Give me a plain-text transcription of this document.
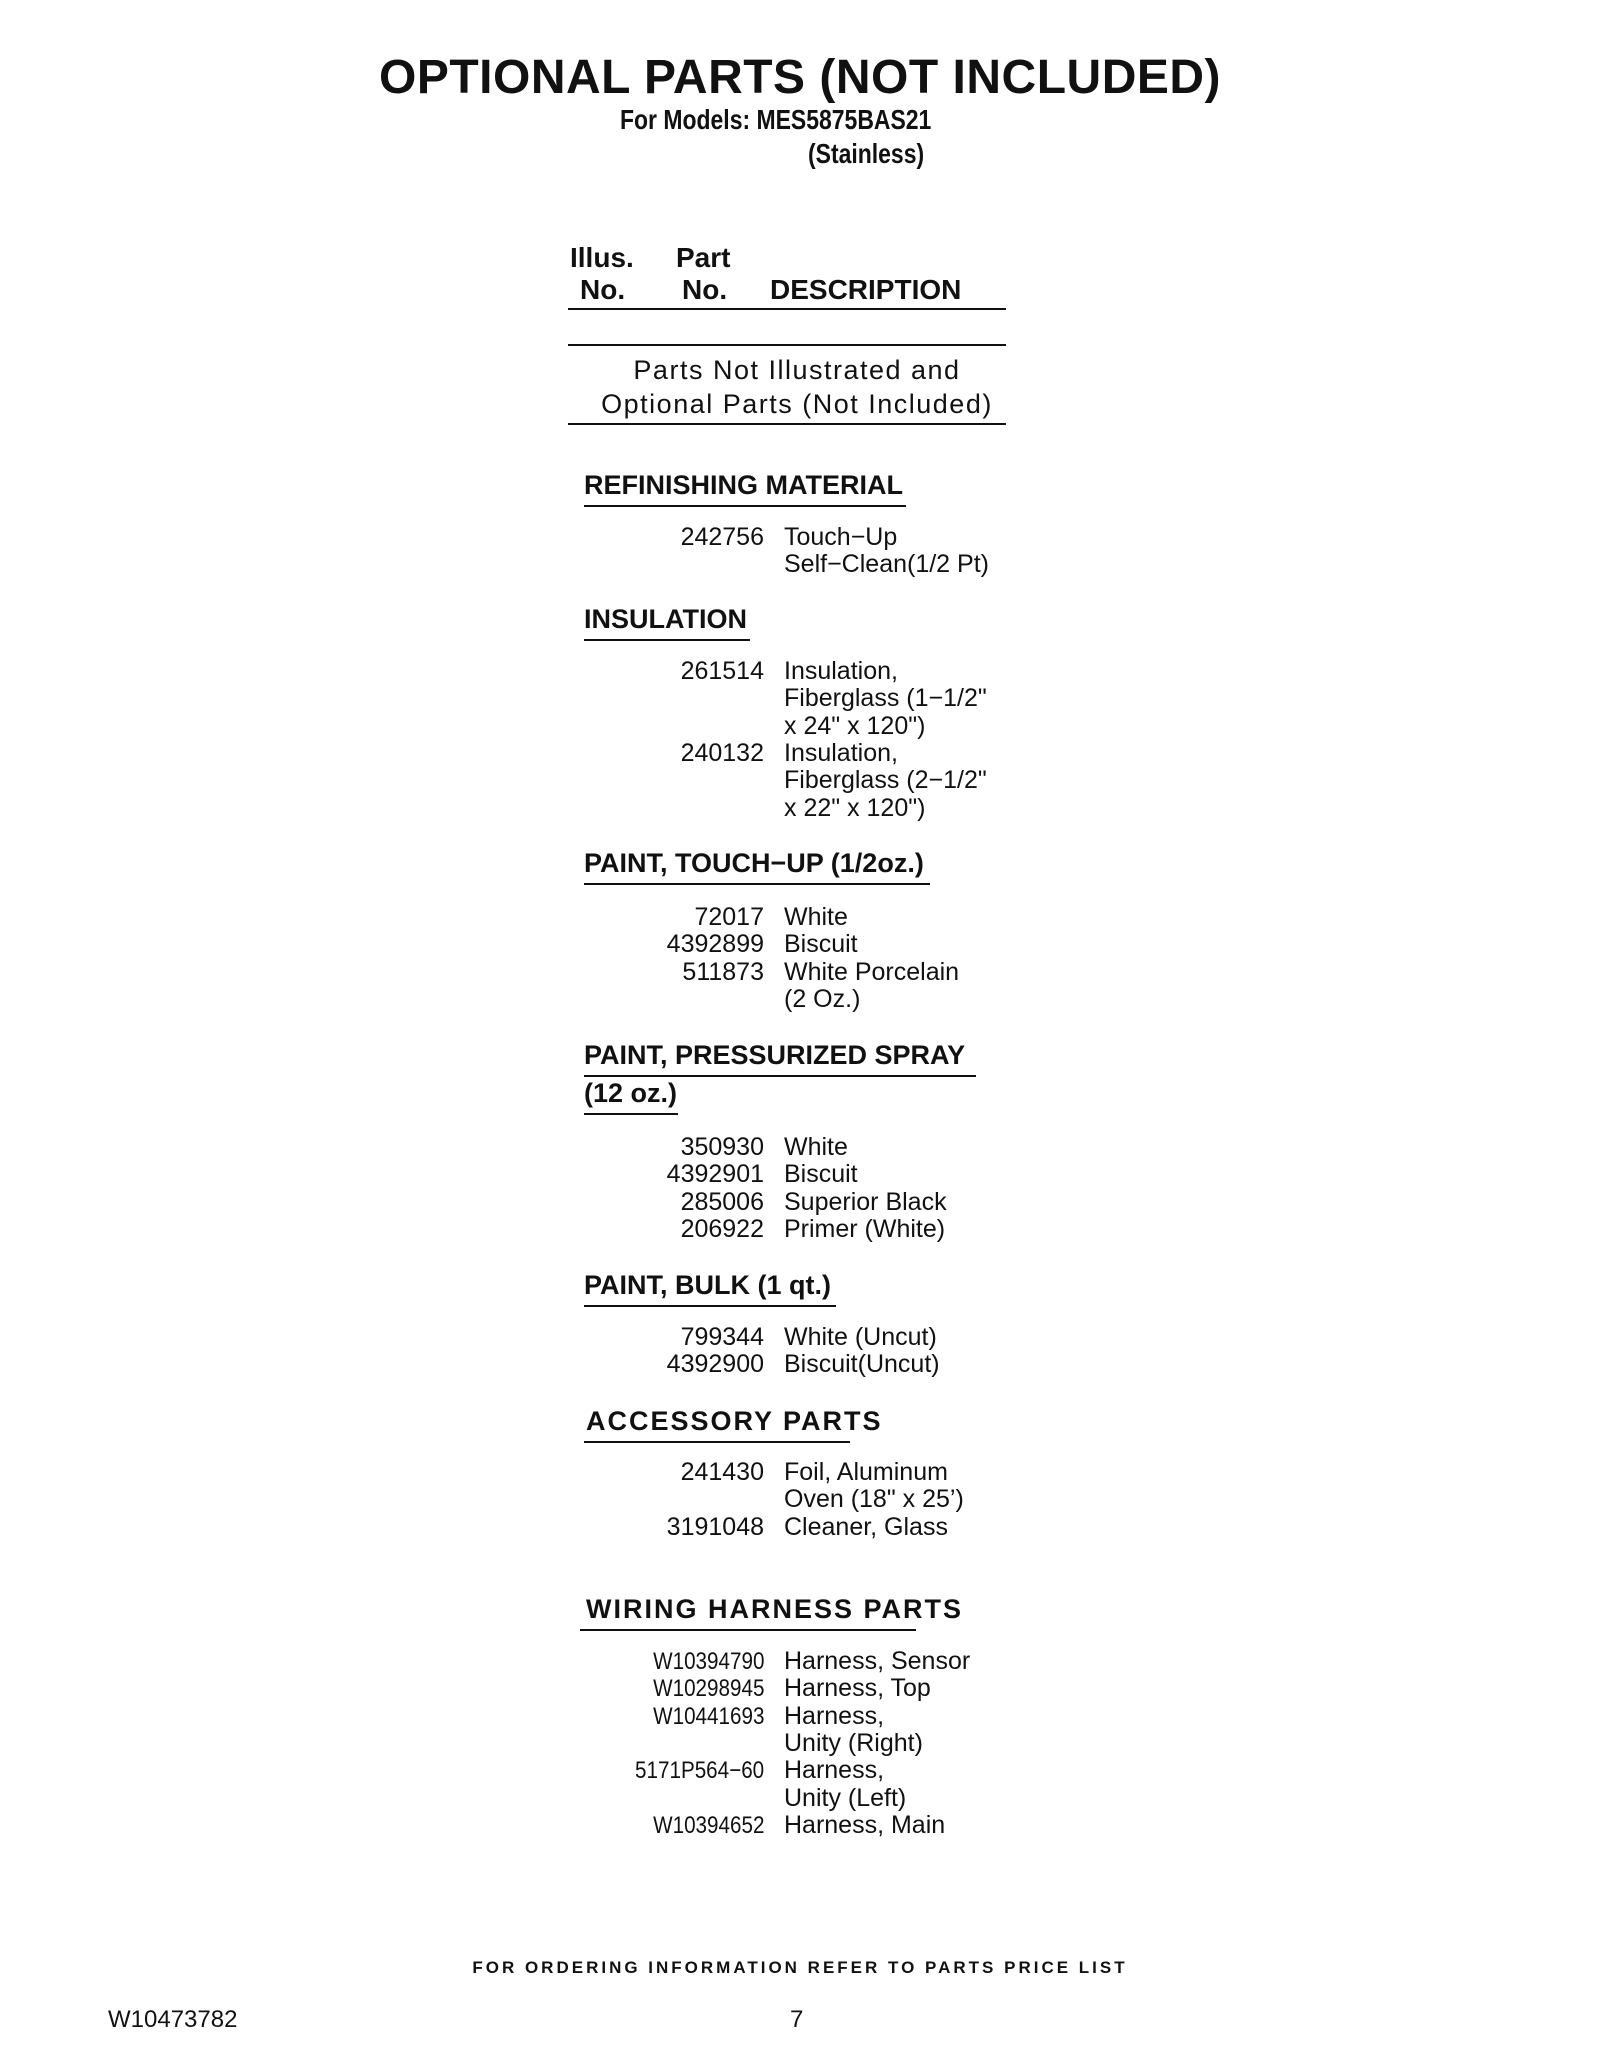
OPTIONAL PARTS (NOT INCLUDED)
For Models: MES5875BAS21
(Stainless)
Illus.
No.
Part
No. DESCRIPTION
Parts Not Illustrated and
Optional Parts (Not Included)
REFINISHING MATERIAL
242756 Touch−Up
Self−Clean(1/2 Pt)
INSULATION
261514 Insulation,
Fiberglass (1−1/2"
x 24" x 120")
240132 Insulation,
Fiberglass (2−1/2"
x 22" x 120")
PAINT, TOUCH−UP (1/2oz.)
72017 White
4392899 Biscuit
511873 White Porcelain
(2 Oz.)
PAINT, PRESSURIZED SPRAY
(12 oz.)
350930 White
4392901 Biscuit
285006 Superior Black
206922 Primer (White)
PAINT, BULK (1 qt.)
799344 White (Uncut)
4392900 Biscuit(Uncut)
ACCESSORY PARTS
241430 Foil, Aluminum
Oven (18" x 25’)
3191048 Cleaner, Glass
WIRING HARNESS PARTS
W10394790 Harness, Sensor
W10298945 Harness, Top
W10441693 Harness,
Unity (Right)
5171P564−60 Harness,
Unity (Left)
W10394652 Harness, Main
FOR ORDERING INFORMATION REFER TO PARTS PRICE LIST
W10473782	7
